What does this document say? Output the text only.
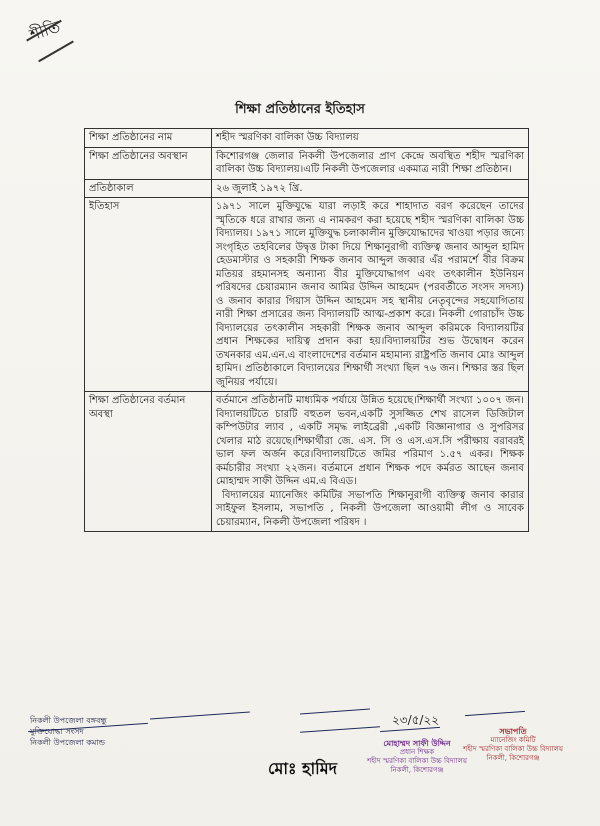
শীতি
শিক্ষা প্রতিষ্ঠানের ইতিহাস
শিক্ষা প্রতিষ্ঠানের নাম	শহীদ স্মরণিকা বালিকা উচ্চ বিদ্যালয়

শিক্ষা প্রতিষ্ঠানের অবস্থান	কিশোরগঞ্জ জেলার নিকলী উপজেলার প্রাণ কেন্দ্রে অবস্থিত শহীদ স্মরণিকা বালিকা উচ্চ বিদ্যালয়।এটি নিকলী উপজেলার একমাত্র নারী শিক্ষা প্রতিষ্ঠান।

প্রতিষ্ঠাকাল	২৬ জুলাই ১৯৭২ খ্রি.

ইতিহাস	১৯৭১ সালে মুক্তিযুদ্ধে যারা লড়াই করে শাহাদাত বরণ করেছেন তাদের স্মৃতিকে ধরে রাখার জন্য এ নামকরণ করা হয়েছে শহীদ স্মরণিকা বালিকা উচ্চ বিদ্যালয়। ১৯৭১ সালে মুক্তিযুদ্ধ চলাকালীন মুক্তিযোদ্ধাদের খাওয়া পড়ার জন্যে সংগৃহিত তহবিলের উদ্বৃত্ত টাকা দিয়ে শিক্ষানুরাগী ব্যক্তিত্ব জনাব আব্দুল হামিদ হেডমাস্টার ও সহকারী শিক্ষক জনাব আব্দুল জব্বার এঁর পরামর্শে বীর বিক্রম মতিয়র রহমানসহ অন্যান্য বীর মুক্তিযোদ্ধাগণ এবং তৎকালীন ইউনিয়ন পরিষদের চেয়ারম্যান জনাব আমির উদ্দিন আহমেদ (পরবর্তীতে সংসদ সদস্য) ও জনাব কারার গিয়াস উদ্দিন আহমেদ সহ স্থানীয় নেতৃবৃন্দের সহযোগিতায় নারী শিক্ষা প্রসারের জন্য বিদ্যালয়টি আত্ম-প্রকাশ করে। নিকলী গোরাচাঁদ উচ্চ বিদ্যালয়ের তৎকালীন সহকারী শিক্ষক জনাব আব্দুল করিমকে বিদ্যালয়টির প্রধান শিক্ষকের দায়িত্ব প্রদান করা হয়।বিদ্যালয়টির শুভ উদ্বোধন করেন তখনকার এম.এন.এ বাংলাদেশের বর্তমান মহামান্য রাষ্ট্রপতি জনাব মোঃ আব্দুল হামিদ। প্রতিষ্ঠাকালে বিদ্যালয়ের শিক্ষার্থী সংখ্যা ছিল ৭৬ জন। শিক্ষার স্তর ছিল জুনিয়র পর্যায়ে।

শিক্ষা প্রতিষ্ঠানের বর্তমান অবস্থা	বর্তমানে প্রতিষ্ঠানটি মাধ্যমিক পর্যায়ে উন্নিত হয়েছে।শিক্ষার্থী সংখ্যা ১০০৭ জন। বিদ্যালয়টিতে চারটি বহুতল ভবন,একটি সুসজ্জিত শেখ রাসেল ডিজিটাল কম্পিউটার ল্যাব , একটি সমৃদ্ধ লাইব্রেরী ,একটি বিজ্ঞানাগার ও সুপরিসর খেলার মাঠ রয়েছে।শিক্ষার্থীরা জে. এস. সি ও এস.এস.সি পরীক্ষায় বরাবরই ভাল ফল অর্জন করে।বিদ্যালয়টিতে জমির পরিমাণ ১.৫৭ একর। শিক্ষক কর্মচারীর সংখ্যা ২২জন। বর্তমানে প্রধান শিক্ষক পদে কর্মরত আছেন জনাব মোহাম্মদ সাফী উদ্দিন এম.এ বিএড।

বিদ্যালয়ের ম্যানেজিং কমিটির সভাপতি শিক্ষানুরাগী ব্যক্তিত্ব জনাব কারার সাইফুল ইসলাম, সভাপতি , নিকলী উপজেলা আওয়ামী লীগ ও সাবেক চেয়ারম্যান, নিকলী উপজেলা পরিষদ ।

নিকলী উপজেলা বঙ্গবন্ধু
মুক্তিযোদ্ধা সংসদ
নিকলী উপজেলা কমান্ড
মোঃ হামিদ
২৩/৫/২২
মোহাম্মদ সাফী উদ্দিন
প্রধান শিক্ষক
শহীদ স্মরণিকা বালিকা উচ্চ বিদ্যালয়
নিকলী, কিশোরগঞ্জ
সভাপতি
ম্যানেজিং কমিটি
শহীদ স্মরণিকা বালিকা উচ্চ বিদ্যালয়
নিকলী, কিশোরগঞ্জ
